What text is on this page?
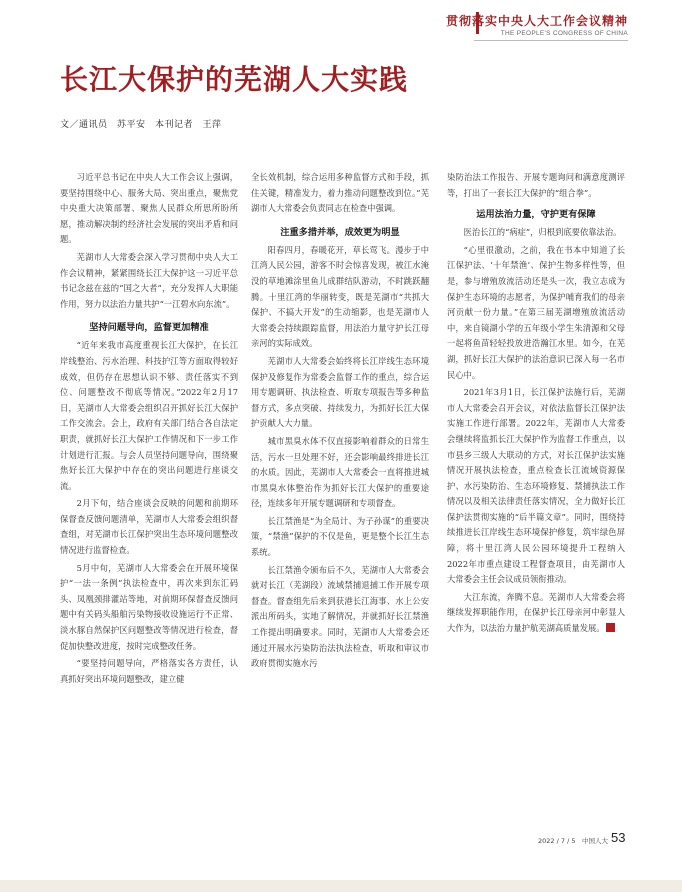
贯彻落实中央人大工作会议精神
THE PEOPLE'S CONGRESS OF CHINA
长江大保护的芜湖人大实践
文／通讯员　苏平安　本刊记者　王萍

习近平总书记在中央人大工作会议上强调，要坚持围绕中心、服务大局、突出重点，聚焦党中央重大决策部署、聚焦人民群众所思所盼所愿，推动解决制约经济社会发展的突出矛盾和问题。

芜湖市人大常委会深入学习贯彻中央人大工作会议精神，紧紧围绕长江大保护这一习近平总书记念兹在兹的“国之大者”，充分发挥人大职能作用，努力以法治力量共护“一江碧水向东流”。

坚持问题导向，监督更加精准

“近年来我市高度重视长江大保护，在长江岸线整治、污水治理、科技护江等方面取得较好成效，但仍存在思想认识不够、责任落实不到位、问题整改不彻底等情况。”2022年2月17日，芜湖市人大常委会组织召开抓好长江大保护工作交流会。会上，政府有关部门结合各自法定职责，就抓好长江大保护工作情况和下一步工作计划进行汇报。与会人员坚持问题导向，围绕聚焦好长江大保护中存在的突出问题进行座谈交流。

2月下旬，结合座谈会反映的问题和前期环保督查反馈问题清单，芜湖市人大常委会组织督查组，对芜湖市长江保护突出生态环境问题整改情况进行监督检查。

5月中旬，芜湖市人大常委会在开展环境保护“一法一条例”执法检查中，再次来到东汇码头、凤凰颈排灌站等地，对前期环保督查反馈问题中有关码头船舶污染物接收设施运行不正常、淡水豚自然保护区问题整改等情况进行检查，督促加快整改进度，按时完成整改任务。

“要坚持问题导向，严格落实各方责任，认真抓好突出环境问题整改，建立健

全长效机制，综合运用多种监督方式和手段，抓住关键，精准发力，着力推动问题整改到位。”芜湖市人大常委会负责同志在检查中强调。

注重多措并举，成效更为明显

阳春四月，春暖花开，草长莺飞。漫步于中江湾人民公园，游客不时会惊喜发现，被江水淹没的草地滩涂里鱼儿成群结队游动，不时跳跃翻腾。十里江湾的华丽转变，既是芜湖市“共抓大保护、不搞大开发”的生动缩影，也是芜湖市人大常委会持续跟踪监督，用法治力量守护长江母亲河的实际成效。

芜湖市人大常委会始终将长江岸线生态环境保护及修复作为常委会监督工作的重点，综合运用专题调研、执法检查、听取专项报告等多种监督方式，多点突破、持续发力，为抓好长江大保护贡献人大力量。

城市黑臭水体不仅直接影响着群众的日常生活，污水一旦处理不好，还会影响最终排进长江的水质。因此，芜湖市人大常委会一直将推进城市黑臭水体整治作为抓好长江大保护的重要途径，连续多年开展专题调研和专项督查。

长江禁渔是“为全局计、为子孙谋”的重要决策，“禁渔”保护的不仅是鱼，更是整个长江生态系统。

长江禁渔令颁布后不久，芜湖市人大常委会就对长江（芜湖段）流域禁捕退捕工作开展专项督查。督查组先后来到获港长江海事、水上公安派出所码头，实地了解情况，并就抓好长江禁渔工作提出明确要求。同时，芜湖市人大常委会还通过开展水污染防治法执法检查，听取和审议市政府贯彻实施水污

染防治法工作报告、开展专题询问和满意度测评等，打出了一套长江大保护的“组合拳”。

运用法治力量，守护更有保障

医治长江的“病症”，归根到底要依靠法治。

“心里很激动，之前，我在书本中知道了长江保护法、‘十年禁渔’、保护生物多样性等，但是，参与增殖放流活动还是头一次，我立志成为保护生态环境的志愿者，为保护哺育我们的母亲河贡献一份力量。”在第三届芜湖增殖放流活动中，来自镜湖小学的五年级小学生朱清源和父母一起将鱼苗轻轻投放进浩瀚江水里。如今，在芜湖，抓好长江大保护的法治意识已深入每一名市民心中。

2021年3月1日，长江保护法施行后，芜湖市人大常委会召开会议，对依法监督长江保护法实施工作进行部署。2022年，芜湖市人大常委会继续将监抓长江大保护作为监督工作重点，以市县乡三级人大联动的方式，对长江保护法实施情况开展执法检查，重点检查长江流域资源保护、水污染防治、生态环境修复、禁捕执法工作情况以及相关法律责任落实情况，全力做好长江保护法贯彻实施的“后半篇文章”。同时，围绕持续推进长江岸线生态环境保护修复，筑牢绿色屏障，将十里江湾人民公园环境提升工程纳入2022年市重点建设工程督查项目，由芜湖市人大常委会主任会议成员领衔推动。

大江东流，奔腾不息。芜湖市人大常委会将继续发挥职能作用，在保护长江母亲河中彰显人大作为，以法治力量护航芜湖高质量发展。★

2022 / 7 / 5　中国人大 53
